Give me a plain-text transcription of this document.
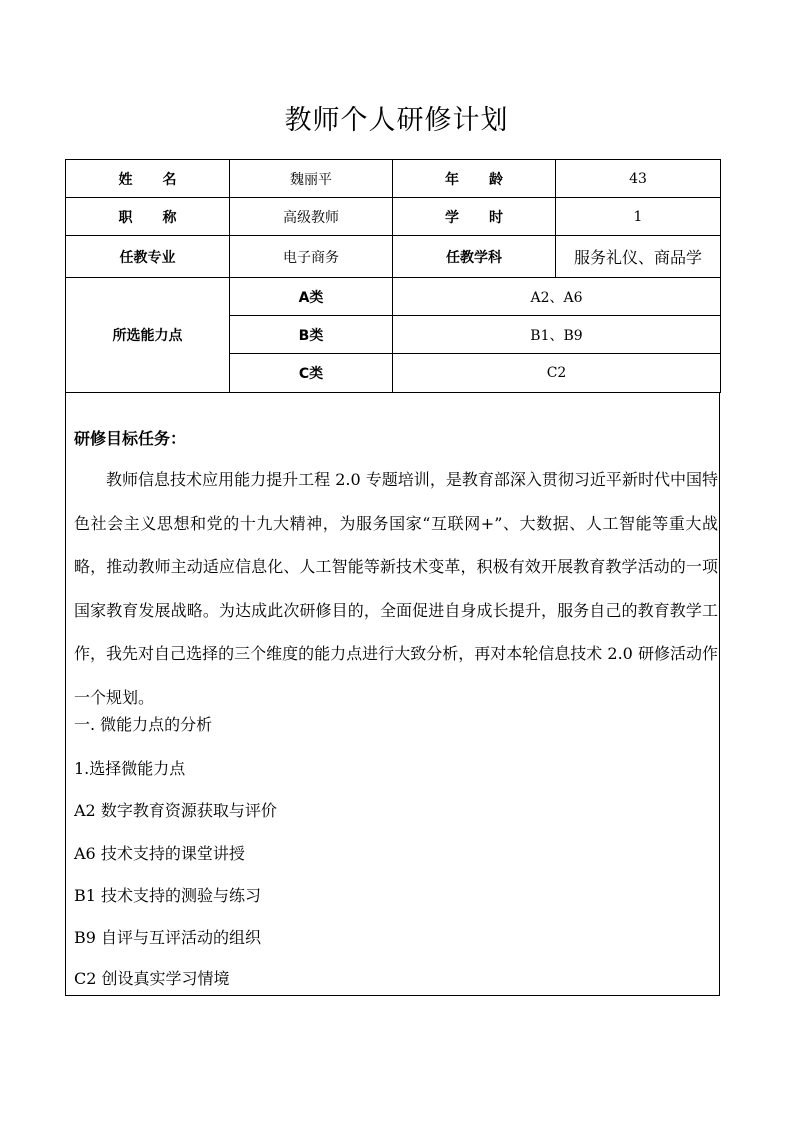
教师个人研修计划
姓 名	魏丽平	年 龄	43
职 称	高级教师	学 时	1
任教专业	电子商务	任教学科	服务礼仪、商品学
所选能力点	A类	A2、A6	
	B类	B1、B9	
	C类	C2	
研修目标任务：

教师信息技术应用能力提升工程 2.0 专题培训，是教育部深入贯彻习近平新时代中国特色社会主义思想和党的十九大精神，为服务国家“互联网+”、大数据、人工智能等重大战略，推动教师主动适应信息化、人工智能等新技术变革，积极有效开展教育教学活动的一项国家教育发展战略。为达成此次研修目的，全面促进自身成长提升，服务自己的教育教学工作，我先对自己选择的三个维度的能力点进行大致分析，再对本轮信息技术 2.0 研修活动作一个规划。

一. 微能力点的分析
1.选择微能力点
A2 数字教育资源获取与评价
A6 技术支持的课堂讲授
B1 技术支持的测验与练习
B9 自评与互评活动的组织
C2 创设真实学习情境
